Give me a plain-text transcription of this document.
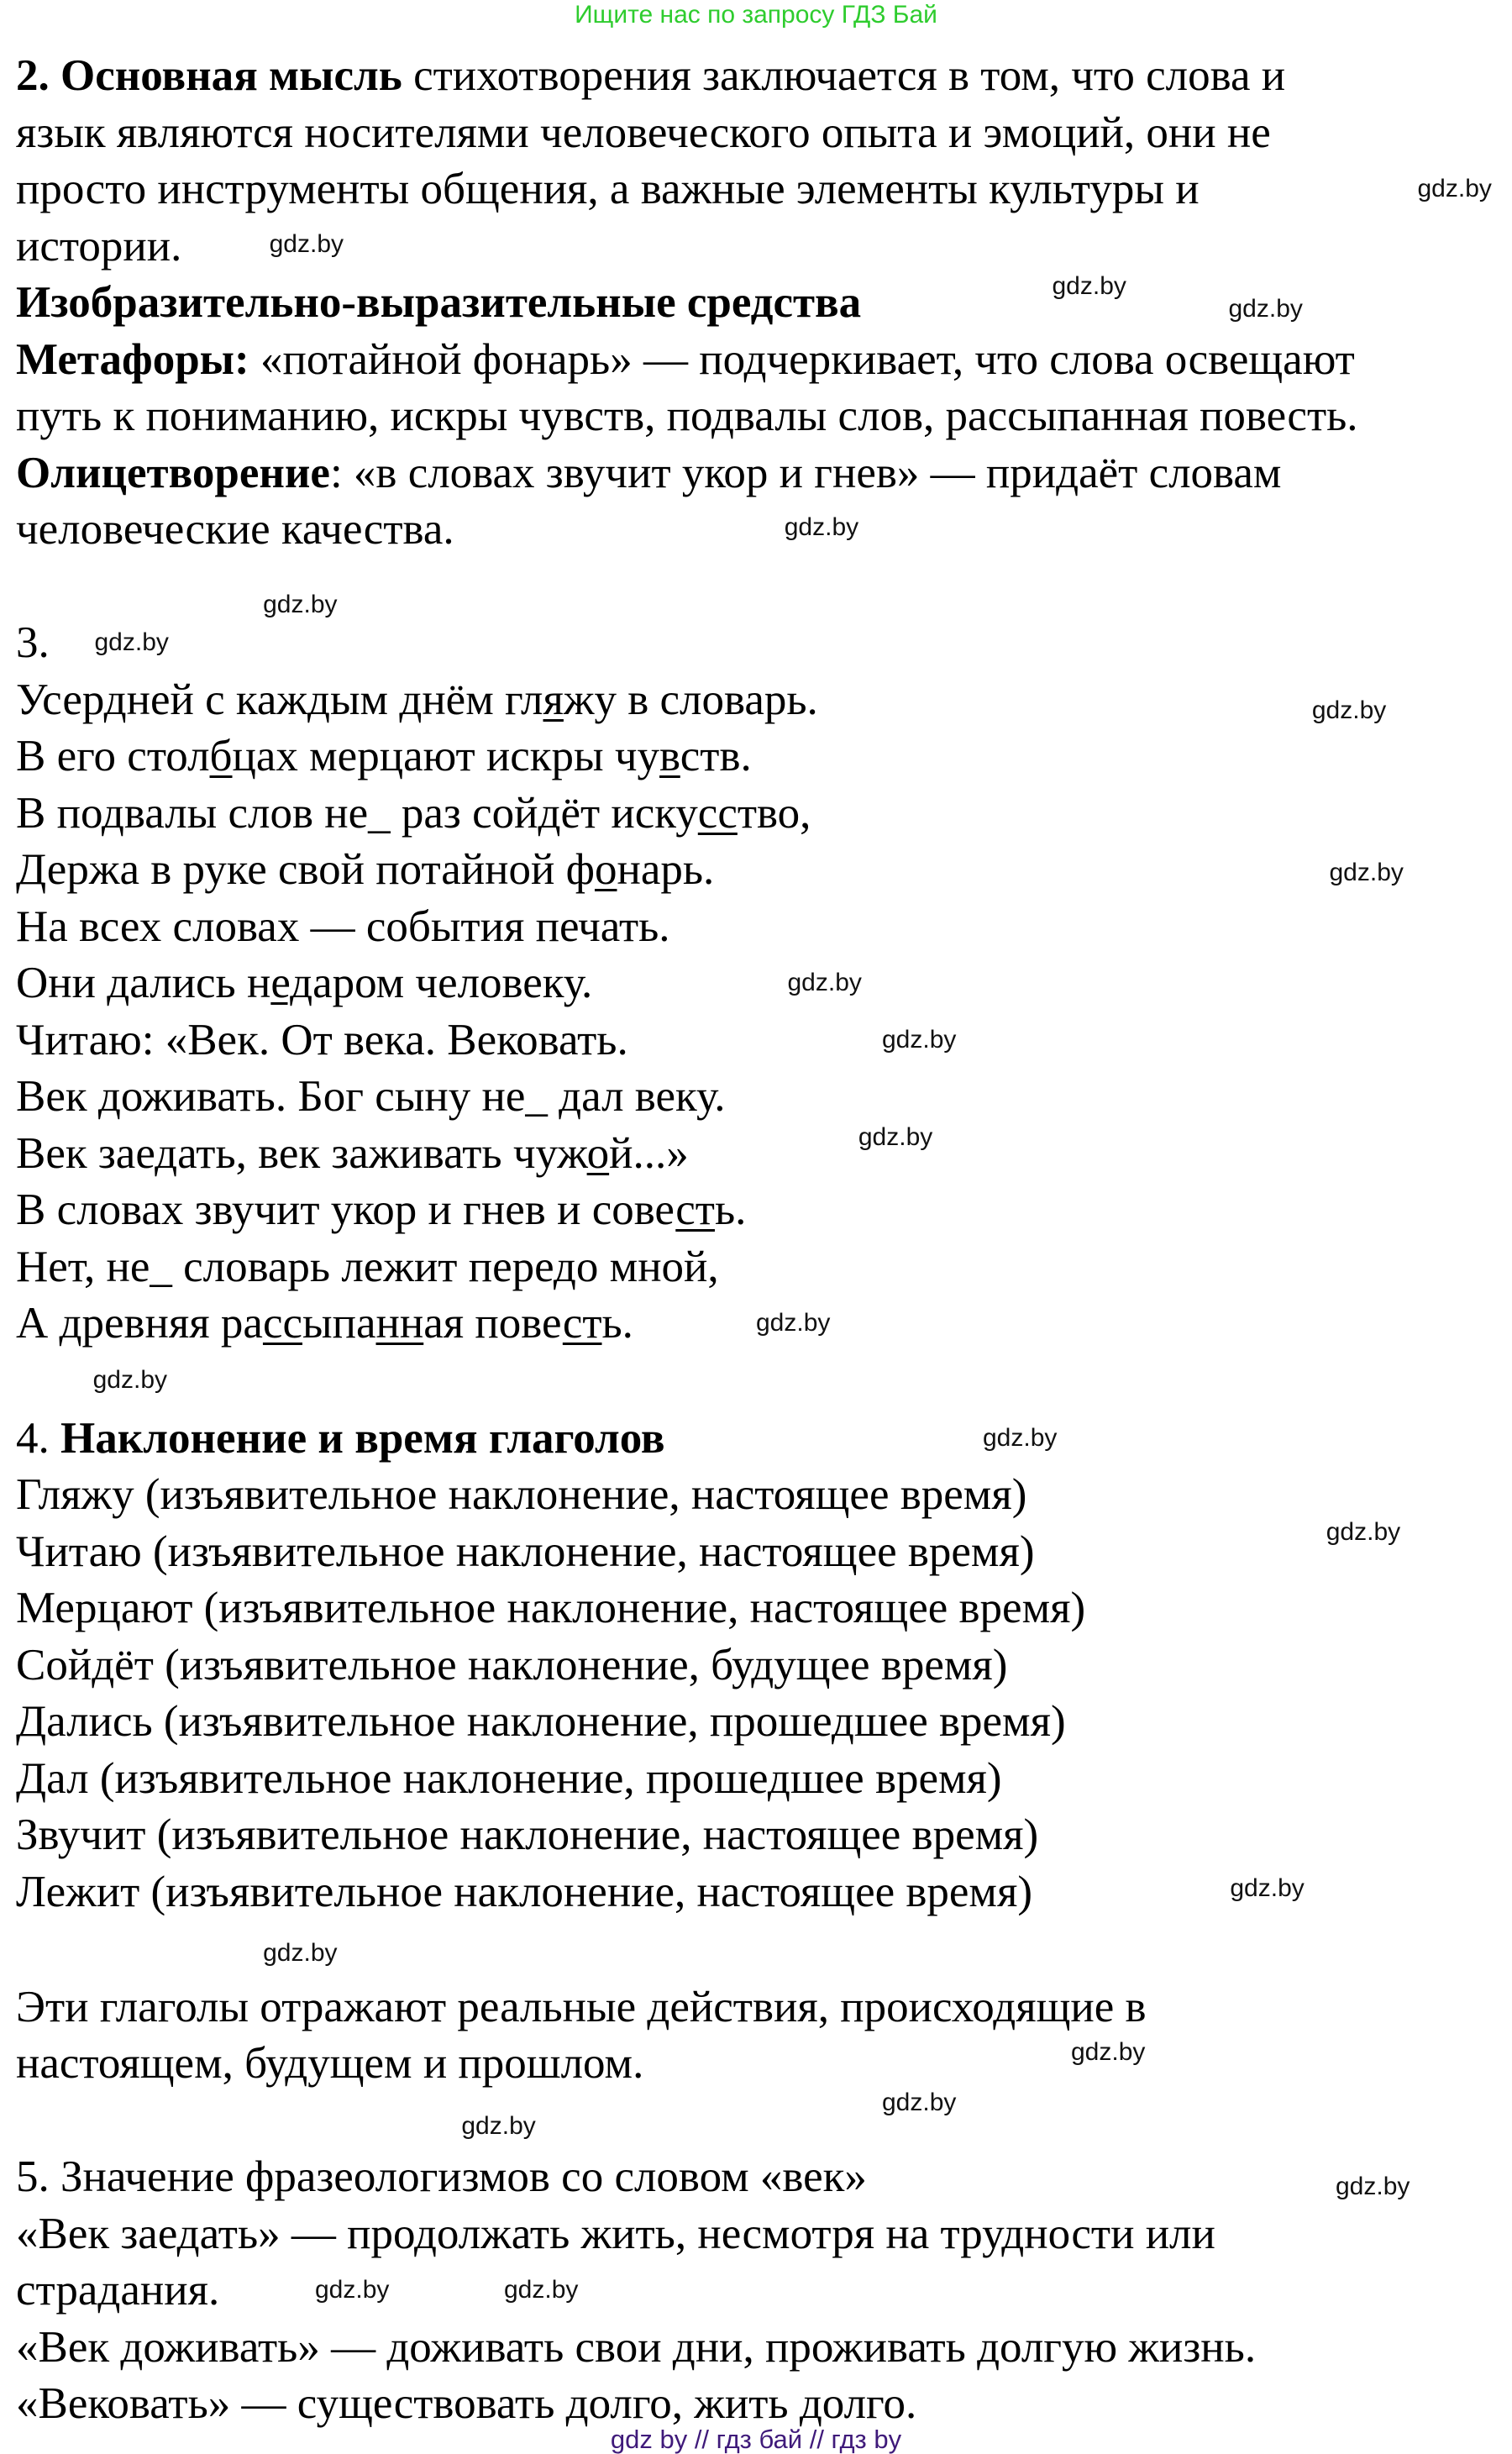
Ищите нас по запросу ГДЗ Бай
2. Основная мысль стихотворения заключается в том, что слова и
язык являются носителями человеческого опыта и эмоций, они не
просто инструменты общения, а важные элементы культуры и
истории.
Изобразительно-выразительные средства
Метафоры: «потайной фонарь» — подчеркивает, что слова освещают
путь к пониманию, искры чувств, подвалы слов, рассыпанная повесть.
Олицетворение: «в словах звучит укор и гнев» — придаёт словам
человеческие качества.
3.
Усердней с каждым днём гляжу в словарь.
В его столбцах мерцают искры чувств.
В подвалы слов не_ раз сойдёт искусство,
Держа в руке свой потайной фонарь.
На всех словах — события печать.
Они дались недаром человеку.
Читаю: «Век. От века. Вековать.
Век доживать. Бог сыну не_ дал веку.
Век заедать, век заживать чужой...»
В словах звучит укор и гнев и совесть.
Нет, не_ словарь лежит передо мной,
А древняя рассыпанная повесть.
4. Наклонение и время глаголов
Гляжу (изъявительное наклонение, настоящее время)
Читаю (изъявительное наклонение, настоящее время)
Мерцают (изъявительное наклонение, настоящее время)
Сойдёт (изъявительное наклонение, будущее время)
Дались (изъявительное наклонение, прошедшее время)
Дал (изъявительное наклонение, прошедшее время)
Звучит (изъявительное наклонение, настоящее время)
Лежит (изъявительное наклонение, настоящее время)
Эти глаголы отражают реальные действия, происходящие в
настоящем, будущем и прошлом.
5. Значение фразеологизмов со словом «век»
«Век заедать» — продолжать жить, несмотря на трудности или
страдания.
«Век доживать» — доживать свои дни, проживать долгую жизнь.
«Вековать» — существовать долго, жить долго.
gdz.by
gdz.by
gdz.by
gdz.by
gdz.by
gdz.by
gdz.by
gdz.by
gdz.by
gdz.by
gdz.by
gdz.by
gdz.by
gdz.by
gdz.by
gdz.by
gdz.by
gdz.by
gdz.by
gdz.by
gdz.by
gdz.by
gdz.by
gdz.by
gdz by // гдз бай // гдз by
